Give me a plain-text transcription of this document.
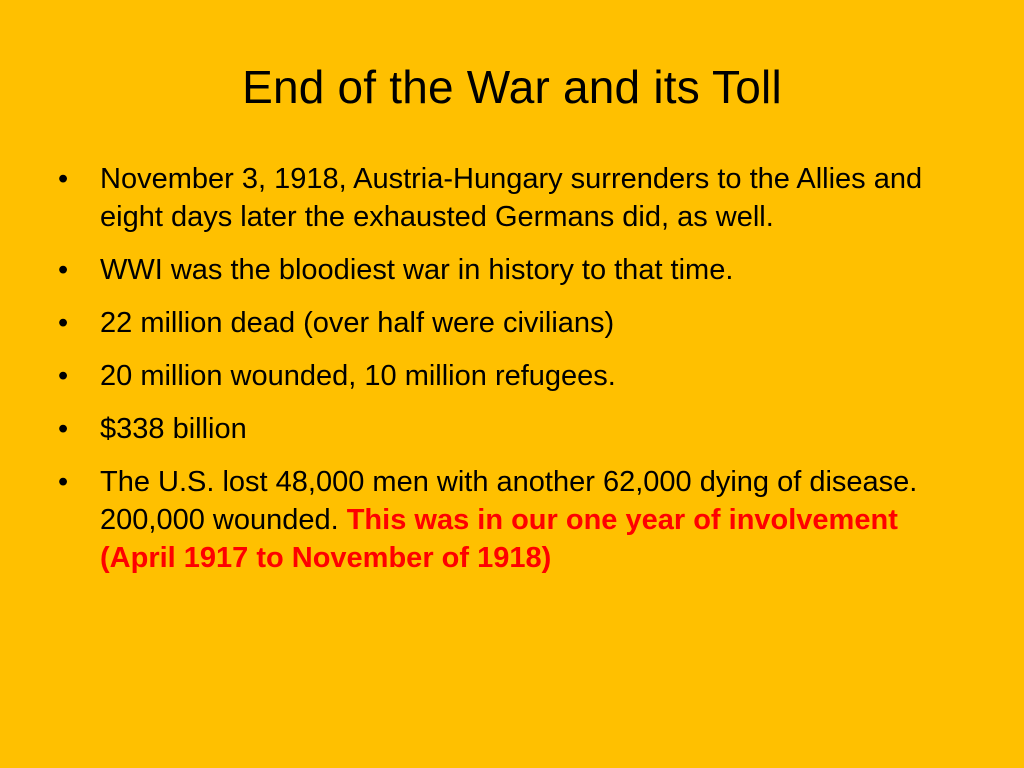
End of the War and its Toll
•	November 3, 1918, Austria-Hungary surrenders to the Allies and eight days later the exhausted Germans did, as well.
•	WWI was the bloodiest war in history to that time.
•	22 million dead (over half were civilians)
•	20 million wounded, 10 million refugees.
•	$338 billion
•	The U.S. lost 48,000 men with another 62,000 dying of disease. 200,000 wounded. This was in our one year of involvement (April 1917 to November of 1918)
